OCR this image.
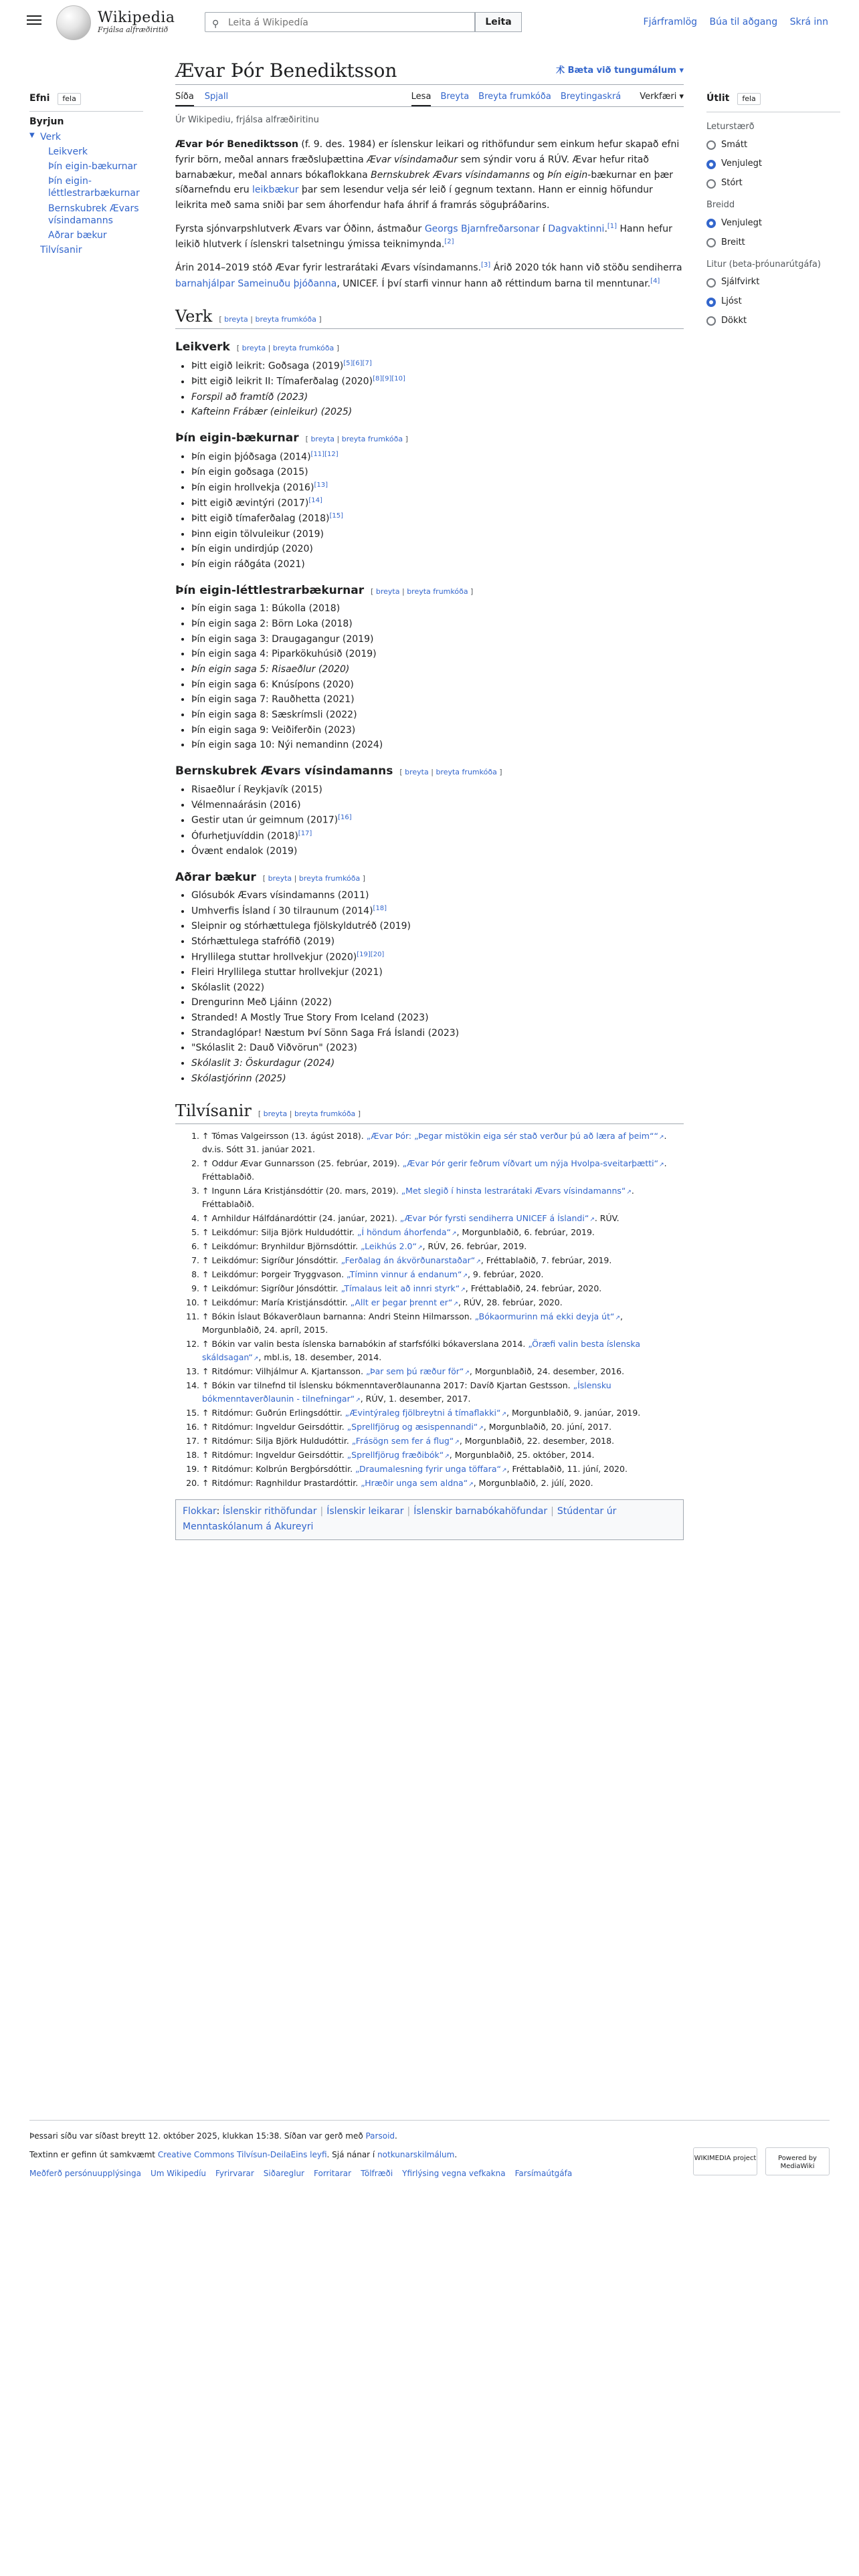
Wikipedia
Frjálsa alfræðiritið
⚲
Leita á Wikipedía	Leita	Fjárframlög Búa til aðgang Skrá inn
Efni fela
Byrjun
▼ Verk
Leikverk
Þín eigin-bækurnar
Þín eigin-léttlestrarbækurnar
Bernskubrek Ævars vísindamanns
Aðrar bækur
Tilvísanir
Ævar Þór Benediktsson	术 Bæta við tungumálum ▾
Síða Spjall	Lesa Breyta Breyta frumkóða Breytingaskrá Verkfæri ▾
Úr Wikipediu, frjálsa alfræðiritinu

Ævar Þór Benediktsson (f. 9. des. 1984) er íslenskur leikari og rithöfundur sem einkum hefur skapað efni fyrir börn, meðal annars fræðsluþættina Ævar vísindamaður sem sýndir voru á RÚV. Ævar hefur ritað barnabækur, meðal annars bókaflokkana Bernskubrek Ævars vísindamanns og Þín eigin-bækurnar en þær síðarnefndu eru leikbækur þar sem lesendur velja sér leið í gegnum textann. Hann er einnig höfundur leikrita með sama sniði þar sem áhorfendur hafa áhrif á framrás söguþráðarins.

Fyrsta sjónvarpshlutverk Ævars var Óðinn, ástmaður Georgs Bjarnfreðarsonar í Dagvaktinni.[1] Hann hefur leikið hlutverk í íslenskri talsetningu ýmissa teiknimynda.[2]

Árin 2014–2019 stóð Ævar fyrir lestrarátaki Ævars vísindamanns.[3] Árið 2020 tók hann við stöðu sendiherra barnahjálpar Sameinuðu þjóðanna, UNICEF. Í því starfi vinnur hann að réttindum barna til menntunar.[4]

Verk [ breyta | breyta frumkóða ]
Leikverk [ breyta | breyta frumkóða ]
• Þitt eigið leikrit: Goðsaga (2019)[5][6][7]
• Þitt eigið leikrit II: Tímaferðalag (2020)[8][9][10]
• Forspil að framtíð (2023)
• Kafteinn Frábær (einleikur) (2025)
Þín eigin-bækurnar [ breyta | breyta frumkóða ]
• Þín eigin þjóðsaga (2014)[11][12]
• Þín eigin goðsaga (2015)
• Þín eigin hrollvekja (2016)[13]
• Þitt eigið ævintýri (2017)[14]
• Þitt eigið tímaferðalag (2018)[15]
• Þinn eigin tölvuleikur (2019)
• Þín eigin undirdjúp (2020)
• Þín eigin ráðgáta (2021)
Þín eigin-léttlestrarbækurnar [ breyta | breyta frumkóða ]
• Þín eigin saga 1: Búkolla (2018)
• Þín eigin saga 2: Börn Loka (2018)
• Þín eigin saga 3: Draugagangur (2019)
• Þín eigin saga 4: Piparkökuhúsið (2019)
• Þín eigin saga 5: Risaeðlur (2020)
• Þín eigin saga 6: Knúsípons (2020)
• Þín eigin saga 7: Rauðhetta (2021)
• Þín eigin saga 8: Sæskrímsli (2022)
• Þín eigin saga 9: Veiðiferðin (2023)
• Þín eigin saga 10: Nýi nemandinn (2024)
Bernskubrek Ævars vísindamanns [ breyta | breyta frumkóða ]
• Risaeðlur í Reykjavík (2015)
• Vélmennaárásin (2016)
• Gestir utan úr geimnum (2017)[16]
• Ófurhetjuvíddin (2018)[17]
• Óvænt endalok (2019)
Aðrar bækur [ breyta | breyta frumkóða ]
• Glósubók Ævars vísindamanns (2011)
• Umhverfis Ísland í 30 tilraunum (2014)[18]
• Sleipnir og stórhættulega fjölskyldutréð (2019)
• Stórhættulega stafrófið (2019)
• Hryllilega stuttar hrollvekjur (2020)[19][20]
• Fleiri Hryllilega stuttar hrollvekjur (2021)
• Skólaslit (2022)
• Drengurinn Með Ljáinn (2022)
• Stranded! A Mostly True Story From Iceland (2023)
• Strandaglópar! Næstum Því Sönn Saga Frá Íslandi (2023)
• "Skólaslit 2: Dauð Viðvörun" (2023)
• Skólaslit 3: Öskurdagur (2024)
• Skólastjórinn (2025)
Tilvísanir [ breyta | breyta frumkóða ]
1. ↑ Tómas Valgeirsson (13. ágúst 2018). „Ævar Þór: „Þegar mistökin eiga sér stað verður þú að læra af þeim““ ↗ . dv.is. Sótt 31. janúar 2021.
2. ↑ Oddur Ævar Gunnarsson (25. febrúar, 2019). „Ævar Þór gerir feðrum víðvart um nýja Hvolpa-sveitarþætti“ ↗ . Fréttablaðið.
3. ↑ Ingunn Lára Kristjánsdóttir (20. mars, 2019). „Met slegið í hinsta lestrarátaki Ævars vísindamanns“ ↗ . Fréttablaðið.
4. ↑ Arnhildur Hálfdánardóttir (24. janúar, 2021). „Ævar Þór fyrsti sendiherra UNICEF á Íslandi“ ↗ . RÚV.
5. ↑ Leikdómur: Silja Björk Huldudóttir. „Í höndum áhorfenda“ ↗ , Morgunblaðið, 6. febrúar, 2019.
6. ↑ Leikdómur: Brynhildur Björnsdóttir. „Leikhús 2.0“ ↗ , RÚV, 26. febrúar, 2019.
7. ↑ Leikdómur: Sigríður Jónsdóttir. „Ferðalag án ákvörðunarstaðar“ ↗ , Fréttablaðið, 7. febrúar, 2019.
8. ↑ Leikdómur: Þorgeir Tryggvason. „Tíminn vinnur á endanum“ ↗ , 9. febrúar, 2020.
9. ↑ Leikdómur: Sigríður Jónsdóttir. „Tímalaus leit að innri styrk“ ↗ , Fréttablaðið, 24. febrúar, 2020.
10. ↑ Leikdómur: María Kristjánsdóttir. „Allt er þegar þrennt er“ ↗ , RÚV, 28. febrúar, 2020.
11. ↑ Bókin Íslaut Bókaverðlaun barnanna: Andri Steinn Hilmarsson. „Bókaormurinn má ekki deyja út“ ↗ , Morgunblaðið, 24. apríl, 2015.
12. ↑ Bókin var valin besta íslenska barnabókin af starfsfólki bókaverslana 2014. „Öræfi valin besta íslenska skáldsagan“ ↗ , mbl.is, 18. desember, 2014.
13. ↑ Ritdómur: Vilhjálmur A. Kjartansson. „Þar sem þú ræður för“ ↗ , Morgunblaðið, 24. desember, 2016.
14. ↑ Bókin var tilnefnd til Íslensku bókmenntaverðlaunanna 2017: Davíð Kjartan Gestsson. „Íslensku bókmenntaverðlaunin - tilnefningar“ ↗ , RÚV, 1. desember, 2017.
15. ↑ Ritdómur: Guðrún Erlingsdóttir. „Ævintýraleg fjölbreytni á tímaflakki“ ↗ , Morgunblaðið, 9. janúar, 2019.
16. ↑ Ritdómur: Ingveldur Geirsdóttir. „Sprellfjörug og æsispennandi“ ↗ , Morgunblaðið, 20. júní, 2017.
17. ↑ Ritdómur: Silja Björk Huldudóttir. „Frásögn sem fer á flug“ ↗ , Morgunblaðið, 22. desember, 2018.
18. ↑ Ritdómur: Ingveldur Geirsdóttir. „Sprellfjörug fræðibók“ ↗ , Morgunblaðið, 25. október, 2014.
19. ↑ Ritdómur: Kolbrún Bergþórsdóttir. „Draumalesning fyrir unga töffara“ ↗ , Fréttablaðið, 11. júní, 2020.
20. ↑ Ritdómur: Ragnhildur Þrastardóttir. „Hræðir unga sem aldna“ ↗ , Morgunblaðið, 2. júlí, 2020.
Flokkar: Íslenskir rithöfundar | Íslenskir leikarar | Íslenskir barnabókahöfundar | Stúdentar úr Menntaskólanum á Akureyri
Útlit fela
Leturstærð
Smátt
Venjulegt
Stórt
Breidd
Venjulegt
Breitt
Litur (beta-þróunarútgáfa)
Sjálfvirkt
Ljóst
Dökkt

Þessari síðu var síðast breytt 12. október 2025, klukkan 15:38. Síðan var gerð með Parsoid.

Textinn er gefinn út samkvæmt Creative Commons Tilvísun-DeilaEins leyfi. Sjá nánar í notkunarskilmálum.

Meðferð persónuupplýsinga Um Wikipedíu Fyrirvarar Siðareglur Forritarar Tölfræði Yfirlýsing vegna vefkakna Farsímaútgáfa
WIKIMEDIA project	Powered by MediaWiki
